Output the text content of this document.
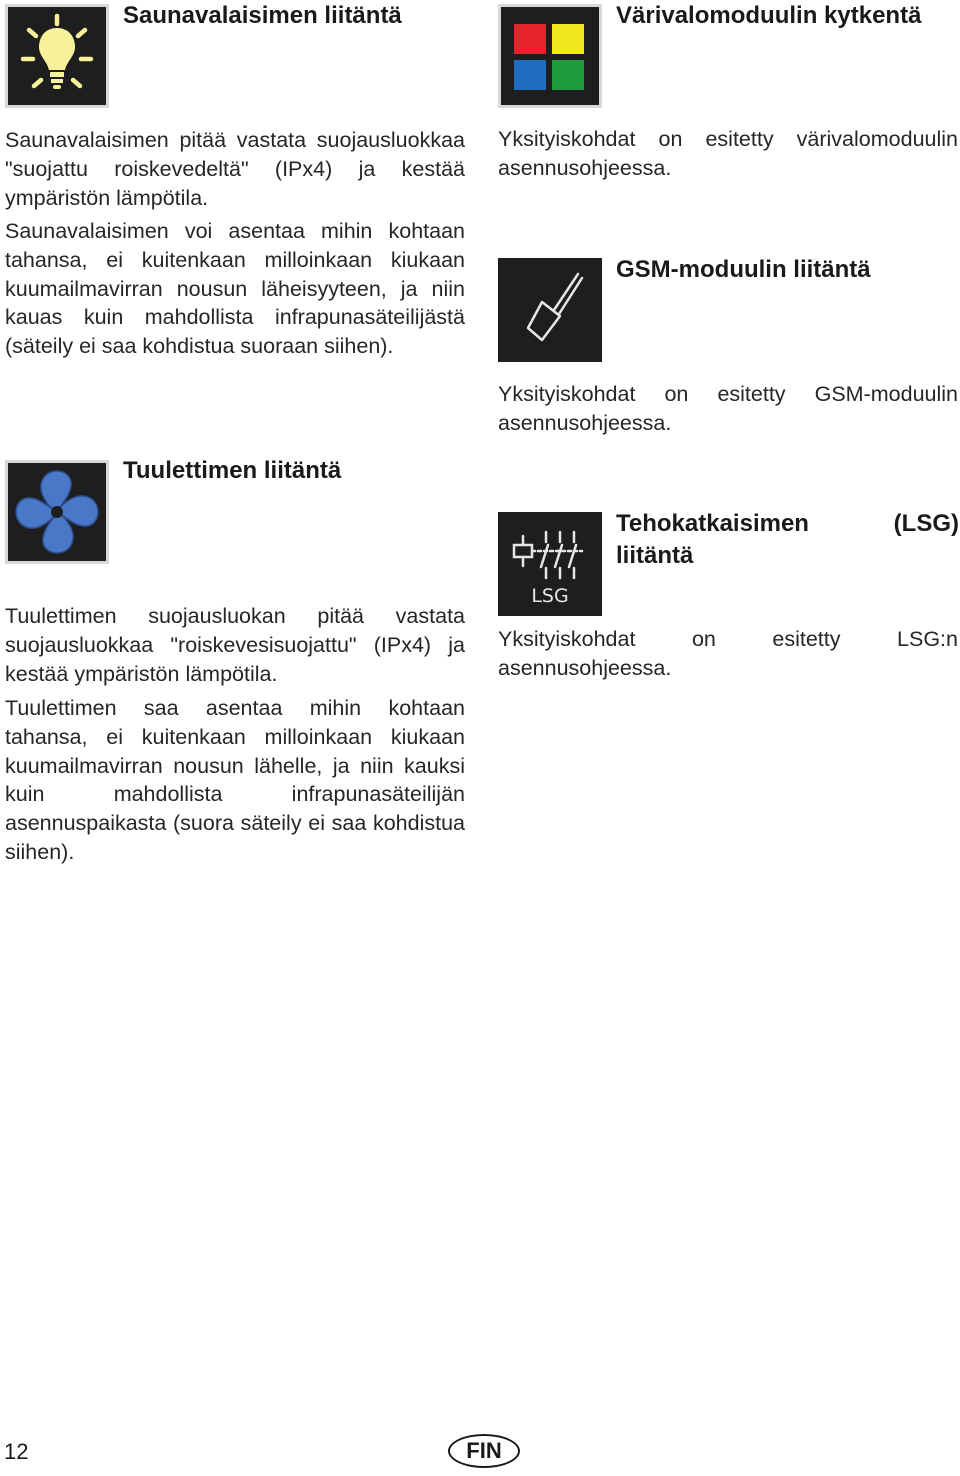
Saunavalaisimen liitäntä

Saunavalaisimen pitää vastata suojausluokkaa "suojattu roiskevedeltä" (IPx4) ja kestää ympäristön lämpötila.

Saunavalaisimen voi asentaa mihin kohtaan tahansa, ei kuitenkaan milloinkaan kiukaan kuumailmavirran nousun läheisyyteen, ja niin kauas kuin mahdollista infrapunasäteilijästä (säteily ei saa kohdistua suoraan siihen).

Tuulettimen liitäntä

Tuulettimen suojausluokan pitää vastata suojausluokkaa "roiskevesisuojattu" (IPx4) ja kestää ympäristön lämpötila.

Tuulettimen saa asentaa mihin kohtaan tahansa, ei kuitenkaan milloinkaan kiukaan kuumailmavirran nousun lähelle, ja niin kauksi kuin mahdollista infrapunasäteilijän asennuspaikasta (suora säteily ei saa kohdistua siihen).

Värivalomoduulin kytkentä

Yksityiskohdat on esitetty värivalomoduulin asennusohjeessa.

GSM-moduulin liitäntä

Yksityiskohdat on esitetty GSM-moduulin asennusohjeessa.

LSG
Tehokatkaisimen (LSG) liitäntä

Yksityiskohdat on esitetty LSG:n asennusohjeessa.

12	FIN
